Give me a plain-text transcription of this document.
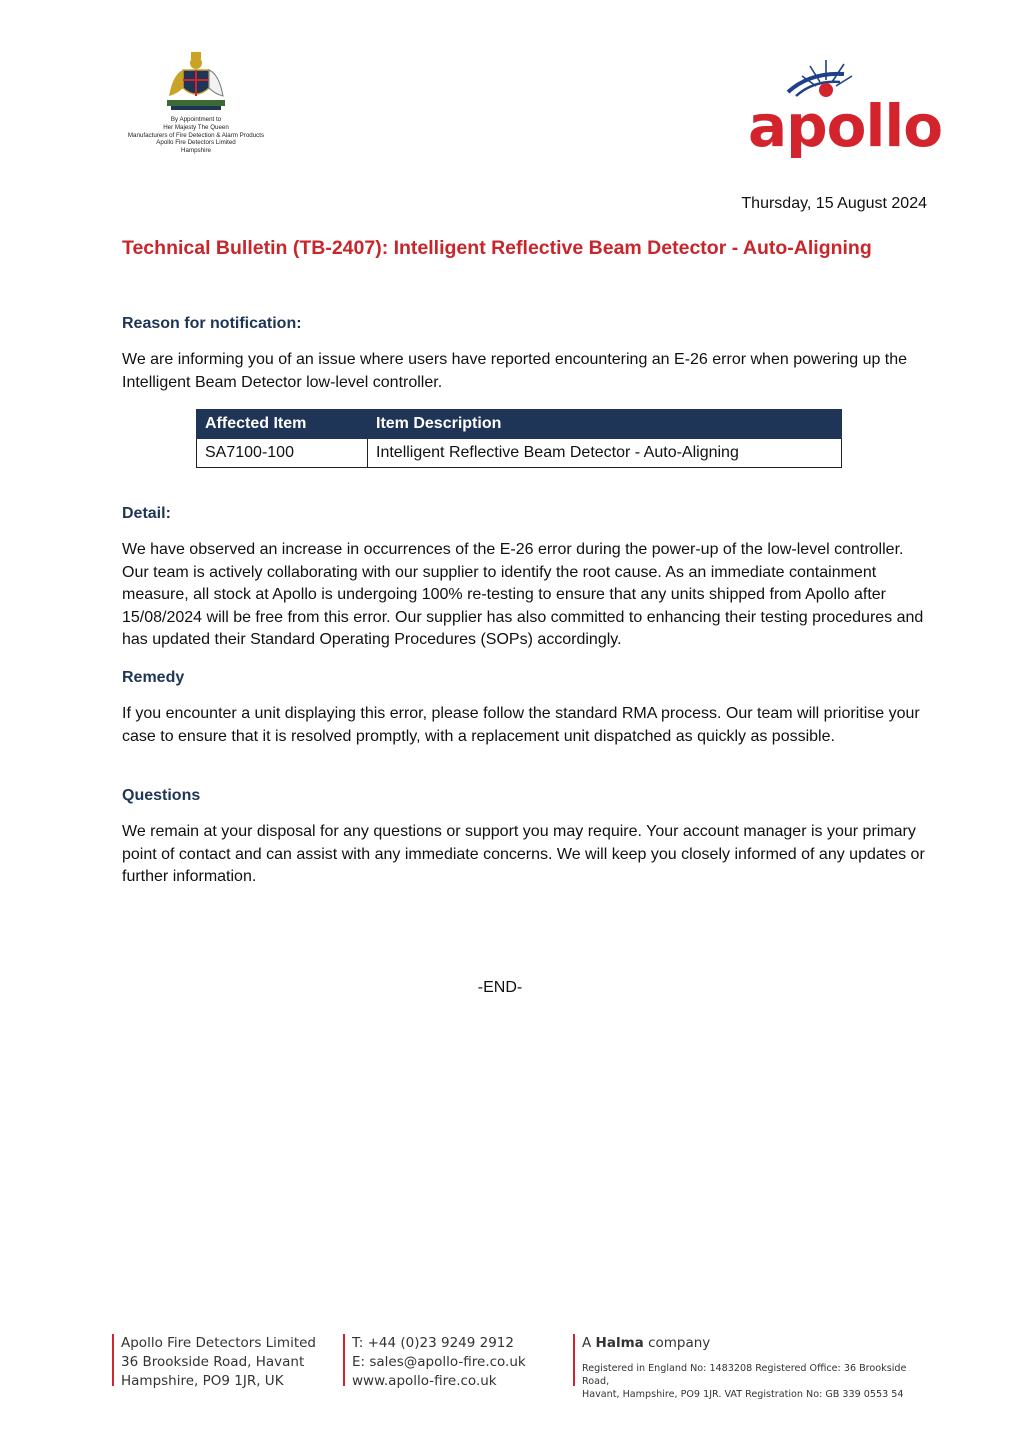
By Appointment to
Her Majesty The Queen
Manufacturers of Fire Detection & Alarm Products
Apollo Fire Detectors Limited
Hampshire	apollo
Thursday, 15 August 2024
Technical Bulletin (TB-2407): Intelligent Reflective Beam Detector - Auto-Aligning
Reason for notification:

We are informing you of an issue where users have reported encountering an E-26 error when powering up the Intelligent Beam Detector low-level controller.

Affected Item	Item Description
SA7100-100	Intelligent Reflective Beam Detector - Auto-Aligning
Detail:

We have observed an increase in occurrences of the E-26 error during the power-up of the low-level controller. Our team is actively collaborating with our supplier to identify the root cause. As an immediate containment measure, all stock at Apollo is undergoing 100% re-testing to ensure that any units shipped from Apollo after 15/08/2024 will be free from this error. Our supplier has also committed to enhancing their testing procedures and has updated their Standard Operating Procedures (SOPs) accordingly.

Remedy

If you encounter a unit displaying this error, please follow the standard RMA process. Our team will prioritise your case to ensure that it is resolved promptly, with a replacement unit dispatched as quickly as possible.

Questions

We remain at your disposal for any questions or support you may require. Your account manager is your primary point of contact and can assist with any immediate concerns. We will keep you closely informed of any updates or further information.

-END-
Apollo Fire Detectors Limited
36 Brookside Road, Havant
Hampshire, PO9 1JR, UK
T: +44 (0)23 9249 2912
E: sales@apollo-fire.co.uk
www.apollo-fire.co.uk
A Halma company
Registered in England No: 1483208 Registered Office: 36 Brookside Road,
Havant, Hampshire, PO9 1JR. VAT Registration No: GB 339 0553 54
